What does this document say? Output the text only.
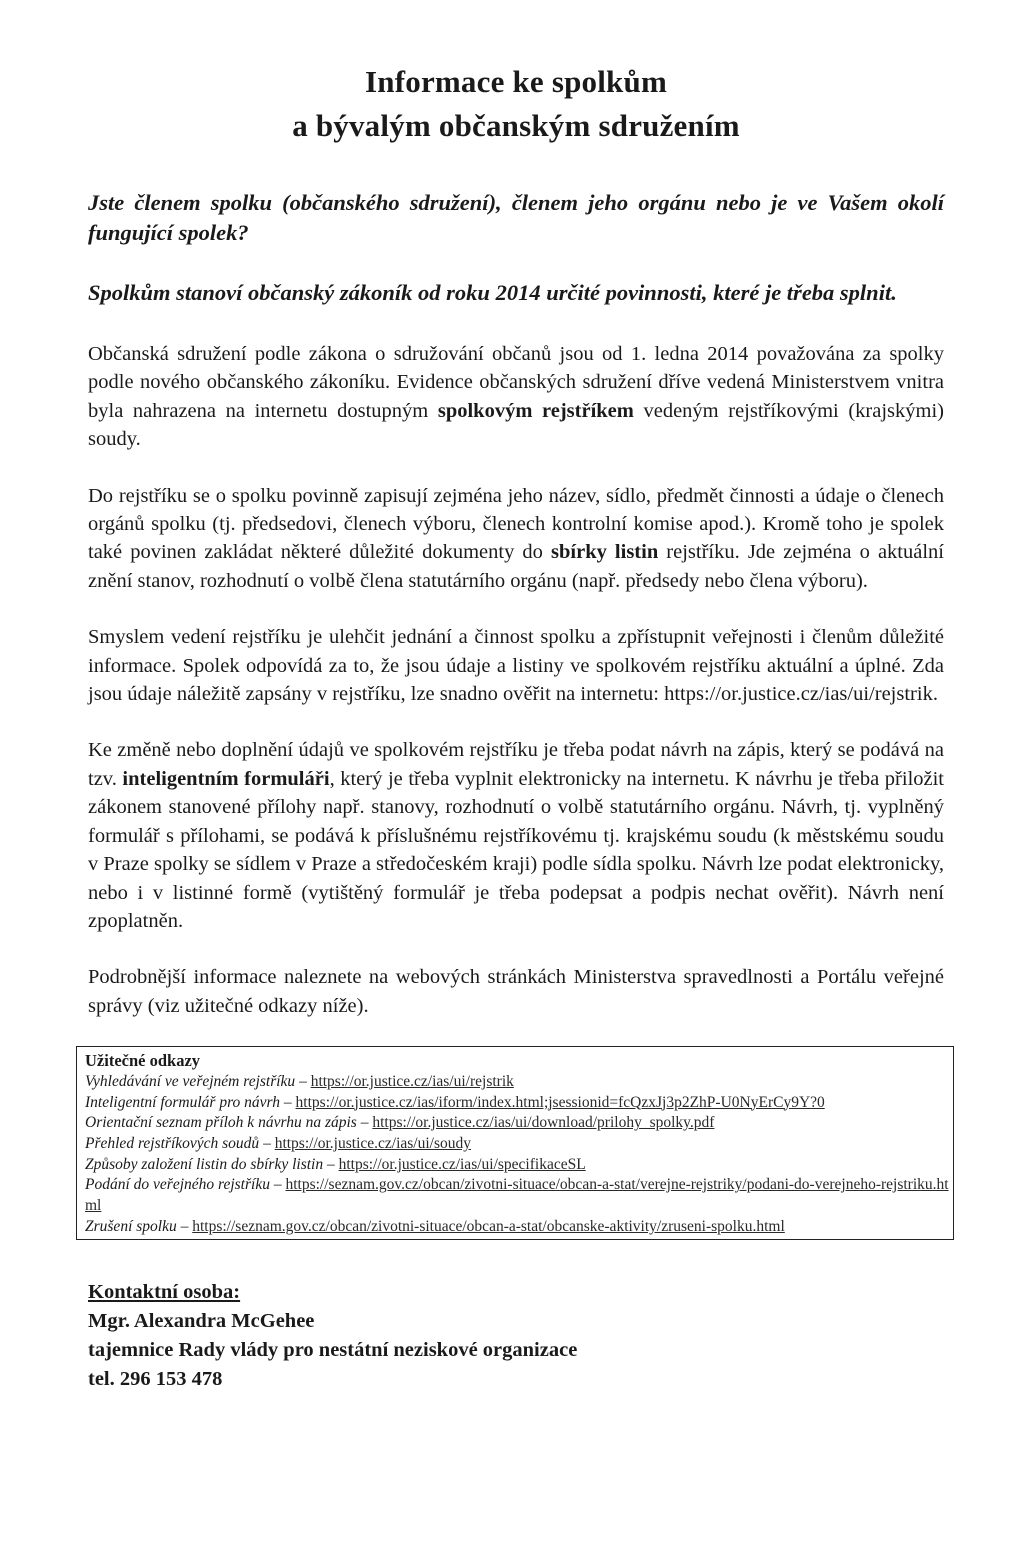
Informace ke spolkům

a bývalým občanským sdružením

Jste členem spolku (občanského sdružení), členem jeho orgánu nebo je ve Vašem okolí fungující spolek?

Spolkům stanoví občanský zákoník od roku 2014 určité povinnosti, které je třeba splnit.

Občanská sdružení podle zákona o sdružování občanů jsou od 1. ledna 2014 považována za spolky podle nového občanského zákoníku. Evidence občanských sdružení dříve vedená Ministerstvem vnitra byla nahrazena na internetu dostupným spolkovým rejstříkem vedeným rejstříkovými (krajskými) soudy.

Do rejstříku se o spolku povinně zapisují zejména jeho název, sídlo, předmět činnosti a údaje o členech orgánů spolku (tj. předsedovi, členech výboru, členech kontrolní komise apod.). Kromě toho je spolek také povinen zakládat některé důležité dokumenty do sbírky listin rejstříku. Jde zejména o aktuální znění stanov, rozhodnutí o volbě člena statutárního orgánu (např. předsedy nebo člena výboru).

Smyslem vedení rejstříku je ulehčit jednání a činnost spolku a zpřístupnit veřejnosti i členům důležité informace. Spolek odpovídá za to, že jsou údaje a listiny ve spolkovém rejstříku aktuální a úplné. Zda jsou údaje náležitě zapsány v rejstříku, lze snadno ověřit na internetu: https://or.justice.cz/ias/ui/rejstrik.

Ke změně nebo doplnění údajů ve spolkovém rejstříku je třeba podat návrh na zápis, který se podává na tzv. inteligentním formuláři, který je třeba vyplnit elektronicky na internetu. K návrhu je třeba přiložit zákonem stanovené přílohy např. stanovy, rozhodnutí o volbě statutárního orgánu. Návrh, tj. vyplněný formulář s přílohami, se podává k příslušnému rejstříkovému tj. krajskému soudu (k městskému soudu v Praze spolky se sídlem v Praze a středočeském kraji) podle sídla spolku. Návrh lze podat elektronicky, nebo i v listinné formě (vytištěný formulář je třeba podepsat a podpis nechat ověřit). Návrh není zpoplatněn.

Podrobnější informace naleznete na webových stránkách Ministerstva spravedlnosti a Portálu veřejné správy (viz užitečné odkazy níže).

Užitečné odkazy
Vyhledávání ve veřejném rejstříku – https://or.justice.cz/ias/ui/rejstrik
Inteligentní formulář pro návrh – https://or.justice.cz/ias/iform/index.html;jsessionid=fcQzxJj3p2ZhP-U0NyErCy9Y?0
Orientační seznam příloh k návrhu na zápis – https://or.justice.cz/ias/ui/download/prilohy_spolky.pdf
Přehled rejstříkových soudů – https://or.justice.cz/ias/ui/soudy
Způsoby založení listin do sbírky listin – https://or.justice.cz/ias/ui/specifikaceSL
Podání do veřejného rejstříku – https://seznam.gov.cz/obcan/zivotni-situace/obcan-a-stat/verejne-rejstriky/podani-do-verejneho-rejstriku.html
Zrušení spolku – https://seznam.gov.cz/obcan/zivotni-situace/obcan-a-stat/obcanske-aktivity/zruseni-spolku.html
Kontaktní osoba:
Mgr. Alexandra McGehee
tajemnice Rady vlády pro nestátní neziskové organizace
tel. 296 153 478
